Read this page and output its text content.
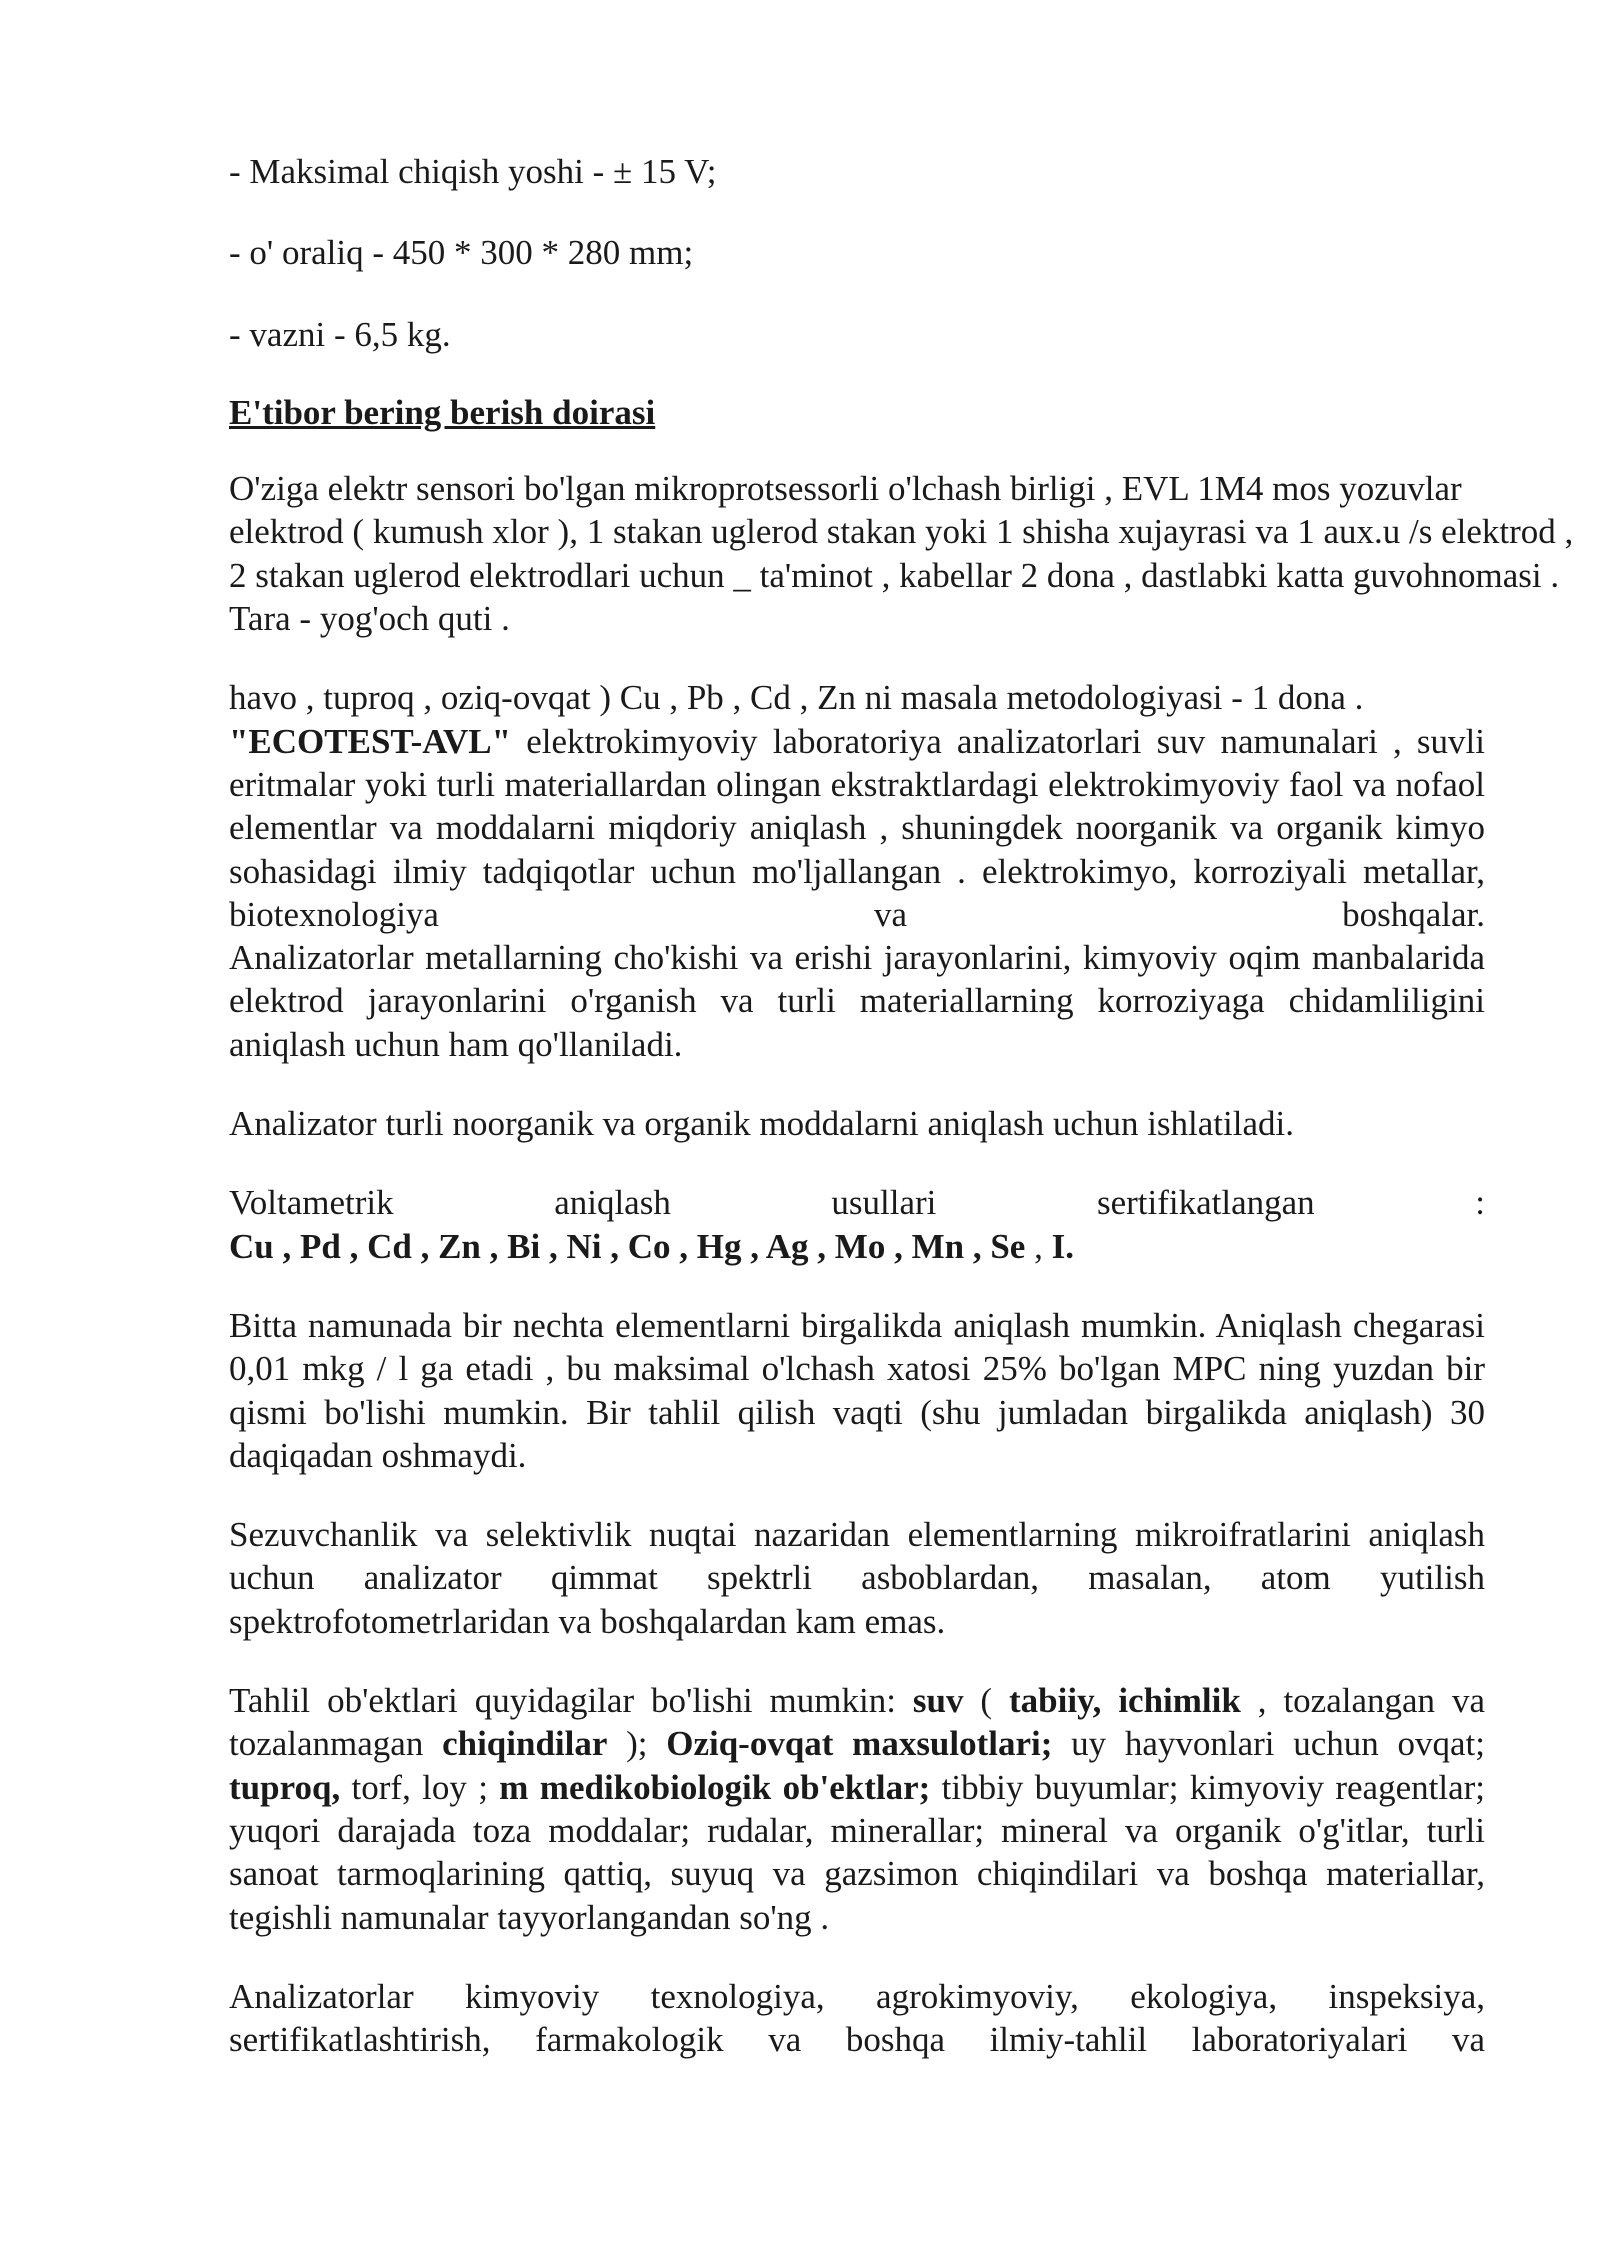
- Maksimal chiqish yoshi - ± 15 V;
- o' oraliq - 450 * 300 * 280 mm;
- vazni - 6,5 kg.

E'tibor bering berish doirasi

O'ziga elektr sensori bo'lgan mikroprotsessorli o'lchash birligi , EVL 1M4 mos yozuvlar elektrod ( kumush xlor ), 1 stakan uglerod stakan yoki 1 shisha xujayrasi va 1 aux.u /s elektrod , 2 stakan uglerod elektrodlari uchun _ ta'minot , kabellar 2 dona , dastlabki katta guvohnomasi . Tara - yog'och quti .

havo , tuproq , oziq-ovqat ) Cu , Pb , Cd , Zn ni masala metodologiyasi - 1 dona .

"ECOTEST-AVL" elektrokimyoviy laboratoriya analizatorlari suv namunalari , suvli eritmalar yoki turli materiallardan olingan ekstraktlardagi elektrokimyoviy faol va nofaol elementlar va moddalarni miqdoriy aniqlash , shuningdek noorganik va organik kimyo sohasidagi ilmiy tadqiqotlar uchun mo'ljallangan . elektrokimyo, korroziyali metallar, biotexnologiya va boshqalar.

Analizatorlar metallarning cho'kishi va erishi jarayonlarini, kimyoviy oqim manbalarida elektrod jarayonlarini o'rganish va turli materiallarning korroziyaga chidamliligini aniqlash uchun ham qo'llaniladi.

Analizator turli noorganik va organik moddalarni aniqlash uchun ishlatiladi.

Voltametrik aniqlash usullari sertifikatlangan :
Cu , Pd , Cd , Zn , Bi , Ni , Co , Hg , Ag , Mo , Mn , Se , I.

Bitta namunada bir nechta elementlarni birgalikda aniqlash mumkin. Aniqlash chegarasi 0,01 mkg / l ga etadi , bu maksimal o'lchash xatosi 25% bo'lgan MPC ning yuzdan bir qismi bo'lishi mumkin. Bir tahlil qilish vaqti (shu jumladan birgalikda aniqlash) 30 daqiqadan oshmaydi.

Sezuvchanlik va selektivlik nuqtai nazaridan elementlarning mikroifratlarini aniqlash uchun analizator qimmat spektrli asboblardan, masalan, atom yutilish spektrofotometrlaridan va boshqalardan kam emas.

Tahlil ob'ektlari quyidagilar bo'lishi mumkin: suv ( tabiiy, ichimlik , tozalangan va tozalanmagan chiqindilar ); Oziq-ovqat maxsulotlari; uy hayvonlari uchun ovqat; tuproq, torf, loy ; m medikobiologik ob'ektlar; tibbiy buyumlar; kimyoviy reagentlar; yuqori darajada toza moddalar; rudalar, minerallar; mineral va organik o'g'itlar, turli sanoat tarmoqlarining qattiq, suyuq va gazsimon chiqindilari va boshqa materiallar, tegishli namunalar tayyorlangandan so'ng .

Analizatorlar kimyoviy texnologiya, agrokimyoviy, ekologiya, inspeksiya, sertifikatlashtirish, farmakologik va boshqa ilmiy-tahlil laboratoriyalari va
